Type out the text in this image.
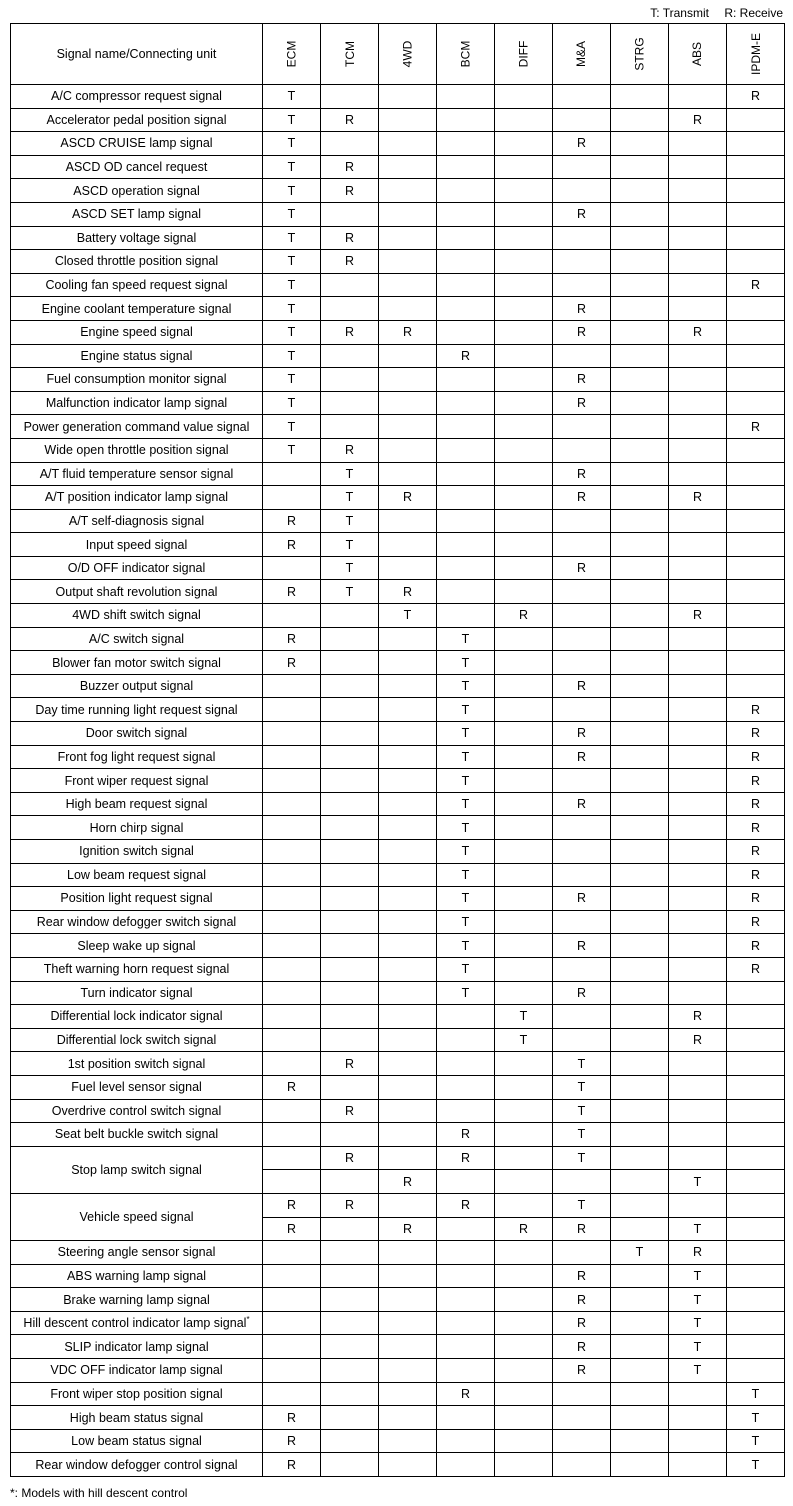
T: Transmit R: Receive
Signal name/Connecting unit	ECM	TCM	4WD	BCM	DIFF	M&A	STRG	ABS	IPDM-E
A/C compressor request signal	T								R
Accelerator pedal position signal	T	R						R	
ASCD CRUISE lamp signal	T					R			
ASCD OD cancel request	T	R							
ASCD operation signal	T	R							
ASCD SET lamp signal	T					R			
Battery voltage signal	T	R							
Closed throttle position signal	T	R							
Cooling fan speed request signal	T								R
Engine coolant temperature signal	T					R			
Engine speed signal	T	R	R			R		R	
Engine status signal	T			R					
Fuel consumption monitor signal	T					R			
Malfunction indicator lamp signal	T					R			
Power generation command value signal	T								R
Wide open throttle position signal	T	R							
A/T fluid temperature sensor signal		T				R			
A/T position indicator lamp signal		T	R			R		R	
A/T self-diagnosis signal	R	T							
Input speed signal	R	T							
O/D OFF indicator signal		T				R			
Output shaft revolution signal	R	T	R						
4WD shift switch signal			T		R			R	
A/C switch signal	R			T					
Blower fan motor switch signal	R			T					
Buzzer output signal				T		R			
Day time running light request signal				T					R
Door switch signal				T		R			R
Front fog light request signal				T		R			R
Front wiper request signal				T					R
High beam request signal				T		R			R
Horn chirp signal				T					R
Ignition switch signal				T					R
Low beam request signal				T					R
Position light request signal				T		R			R
Rear window defogger switch signal				T					R
Sleep wake up signal				T		R			R
Theft warning horn request signal				T					R
Turn indicator signal				T		R			
Differential lock indicator signal					T			R	
Differential lock switch signal					T			R	
1st position switch signal		R				T			
Fuel level sensor signal	R					T			
Overdrive control switch signal		R				T			
Seat belt buckle switch signal				R		T			
Stop lamp switch signal		R		R		T			
			R					T	
Vehicle speed signal	R	R		R		T			
	R		R		R	R		T	
Steering angle sensor signal							T	R	
ABS warning lamp signal						R		T	
Brake warning lamp signal						R		T	
Hill descent control indicator lamp signal*						R		T	
SLIP indicator lamp signal						R		T	
VDC OFF indicator lamp signal						R		T	
Front wiper stop position signal				R					T
High beam status signal	R								T
Low beam status signal	R								T
Rear window defogger control signal	R								T
*: Models with hill descent control
